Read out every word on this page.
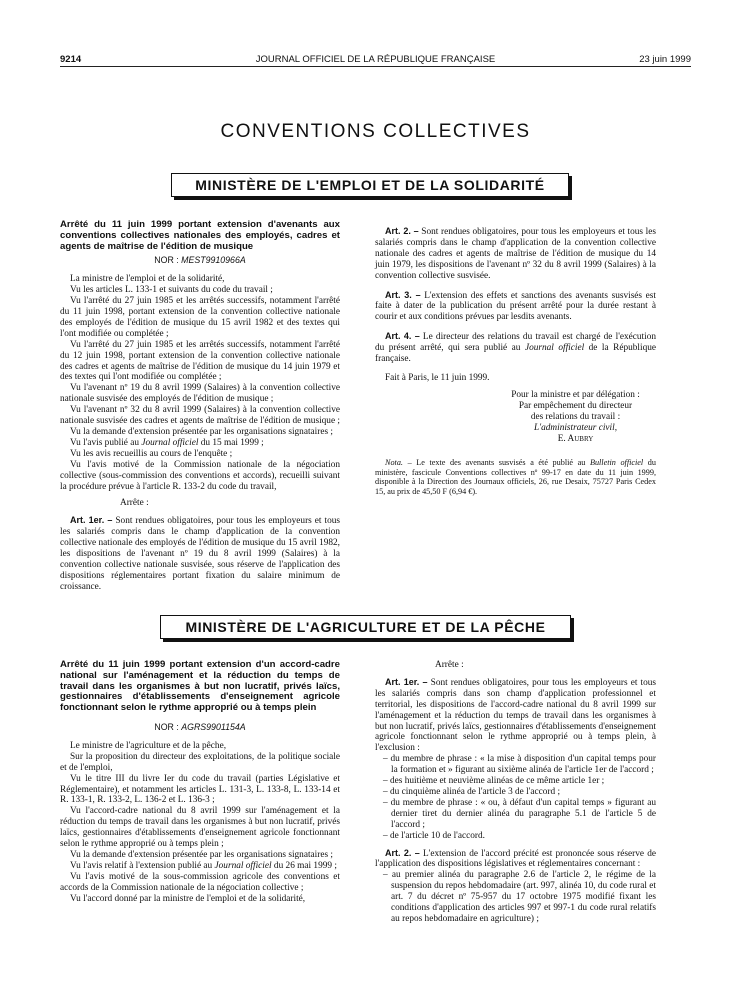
9214	JOURNAL OFFICIEL DE LA RÉPUBLIQUE FRANÇAISE	23 juin 1999
CONVENTIONS COLLECTIVES
MINISTÈRE DE L'EMPLOI ET DE LA SOLIDARITÉ

Arrêté du 11 juin 1999 portant extension d'avenants aux conventions collectives nationales des employés, cadres et agents de maîtrise de l'édition de musique

NOR : MEST9910966A

La ministre de l'emploi et de la solidarité,

Vu les articles L. 133-1 et suivants du code du travail ;

Vu l'arrêté du 27 juin 1985 et les arrêtés successifs, notamment l'arrêté du 11 juin 1998, portant extension de la convention collective nationale des employés de l'édition de musique du 15 avril 1982 et des textes qui l'ont modifiée ou complétée ;

Vu l'arrêté du 27 juin 1985 et les arrêtés successifs, notamment l'arrêté du 12 juin 1998, portant extension de la convention collective nationale des cadres et agents de maîtrise de l'édition de musique du 14 juin 1979 et des textes qui l'ont modifiée ou complétée ;

Vu l'avenant nº 19 du 8 avril 1999 (Salaires) à la convention collective nationale susvisée des employés de l'édition de musique ;

Vu l'avenant nº 32 du 8 avril 1999 (Salaires) à la convention collective nationale susvisée des cadres et agents de maîtrise de l'édition de musique ;

Vu la demande d'extension présentée par les organisations signataires ;

Vu l'avis publié au Journal officiel du 15 mai 1999 ;

Vu les avis recueillis au cours de l'enquête ;

Vu l'avis motivé de la Commission nationale de la négociation collective (sous-commission des conventions et accords), recueilli suivant la procédure prévue à l'article R. 133-2 du code du travail,

Arrête :

Art. 1er. – Sont rendues obligatoires, pour tous les employeurs et tous les salariés compris dans le champ d'application de la convention collective nationale des employés de l'édition de musique du 15 avril 1982, les dispositions de l'avenant nº 19 du 8 avril 1999 (Salaires) à la convention collective nationale susvisée, sous réserve de l'application des dispositions réglementaires portant fixation du salaire minimum de croissance.

Art. 2. – Sont rendues obligatoires, pour tous les employeurs et tous les salariés compris dans le champ d'application de la convention collective nationale des cadres et agents de maîtrise de l'édition de musique du 14 juin 1979, les dispositions de l'avenant nº 32 du 8 avril 1999 (Salaires) à la convention collective susvisée.

Art. 3. – L'extension des effets et sanctions des avenants susvisés est faite à dater de la publication du présent arrêté pour la durée restant à courir et aux conditions prévues par lesdits avenants.

Art. 4. – Le directeur des relations du travail est chargé de l'exécution du présent arrêté, qui sera publié au Journal officiel de la République française.

Fait à Paris, le 11 juin 1999.

Pour la ministre et par délégation :

Par empêchement du directeur

des relations du travail :

L'administrateur civil,

E. Aubry

Nota. – Le texte des avenants susvisés a été publié au Bulletin officiel du ministère, fascicule Conventions collectives nº 99-17 en date du 11 juin 1999, disponible à la Direction des Journaux officiels, 26, rue Desaix, 75727 Paris Cedex 15, au prix de 45,50 F (6,94 €).

MINISTÈRE DE L'AGRICULTURE ET DE LA PÊCHE

Arrêté du 11 juin 1999 portant extension d'un accord-cadre national sur l'aménagement et la réduction du temps de travail dans les organismes à but non lucratif, privés laïcs, gestionnaires d'établissements d'enseignement agricole fonctionnant selon le rythme approprié ou à temps plein

NOR : AGRS9901154A

Le ministre de l'agriculture et de la pêche,

Sur la proposition du directeur des exploitations, de la politique sociale et de l'emploi,

Vu le titre III du livre Ier du code du travail (parties Législative et Réglementaire), et notamment les articles L. 131-3, L. 133-8, L. 133-14 et R. 133-1, R. 133-2, L. 136-2 et L. 136-3 ;

Vu l'accord-cadre national du 8 avril 1999 sur l'aménagement et la réduction du temps de travail dans les organismes à but non lucratif, privés laïcs, gestionnaires d'établissements d'enseignement agricole fonctionnant selon le rythme approprié ou à temps plein ;

Vu la demande d'extension présentée par les organisations signataires ;

Vu l'avis relatif à l'extension publié au Journal officiel du 26 mai 1999 ;

Vu l'avis motivé de la sous-commission agricole des conventions et accords de la Commission nationale de la négociation collective ;

Vu l'accord donné par la ministre de l'emploi et de la solidarité,

Arrête :

Art. 1er. – Sont rendues obligatoires, pour tous les employeurs et tous les salariés compris dans son champ d'application professionnel et territorial, les dispositions de l'accord-cadre national du 8 avril 1999 sur l'aménagement et la réduction du temps de travail dans les organismes à but non lucratif, privés laïcs, gestionnaires d'établissements d'enseignement agricole fonctionnant selon le rythme approprié ou à temps plein, à l'exclusion :

– du membre de phrase : « la mise à disposition d'un capital temps pour la formation et » figurant au sixième alinéa de l'article 1er de l'accord ;
– des huitième et neuvième alinéas de ce même article 1er ;
– du cinquième alinéa de l'article 3 de l'accord ;
– du membre de phrase : « ou, à défaut d'un capital temps » figurant au dernier tiret du dernier alinéa du paragraphe 5.1 de l'article 5 de l'accord ;
– de l'article 10 de l'accord.

Art. 2. – L'extension de l'accord précité est prononcée sous réserve de l'application des dispositions législatives et réglementaires concernant :

– au premier alinéa du paragraphe 2.6 de l'article 2, le régime de la suspension du repos hebdomadaire (art. 997, alinéa 10, du code rural et art. 7 du décret nº 75-957 du 17 octobre 1975 modifié fixant les conditions d'application des articles 997 et 997-1 du code rural relatifs au repos hebdomadaire en agriculture) ;
